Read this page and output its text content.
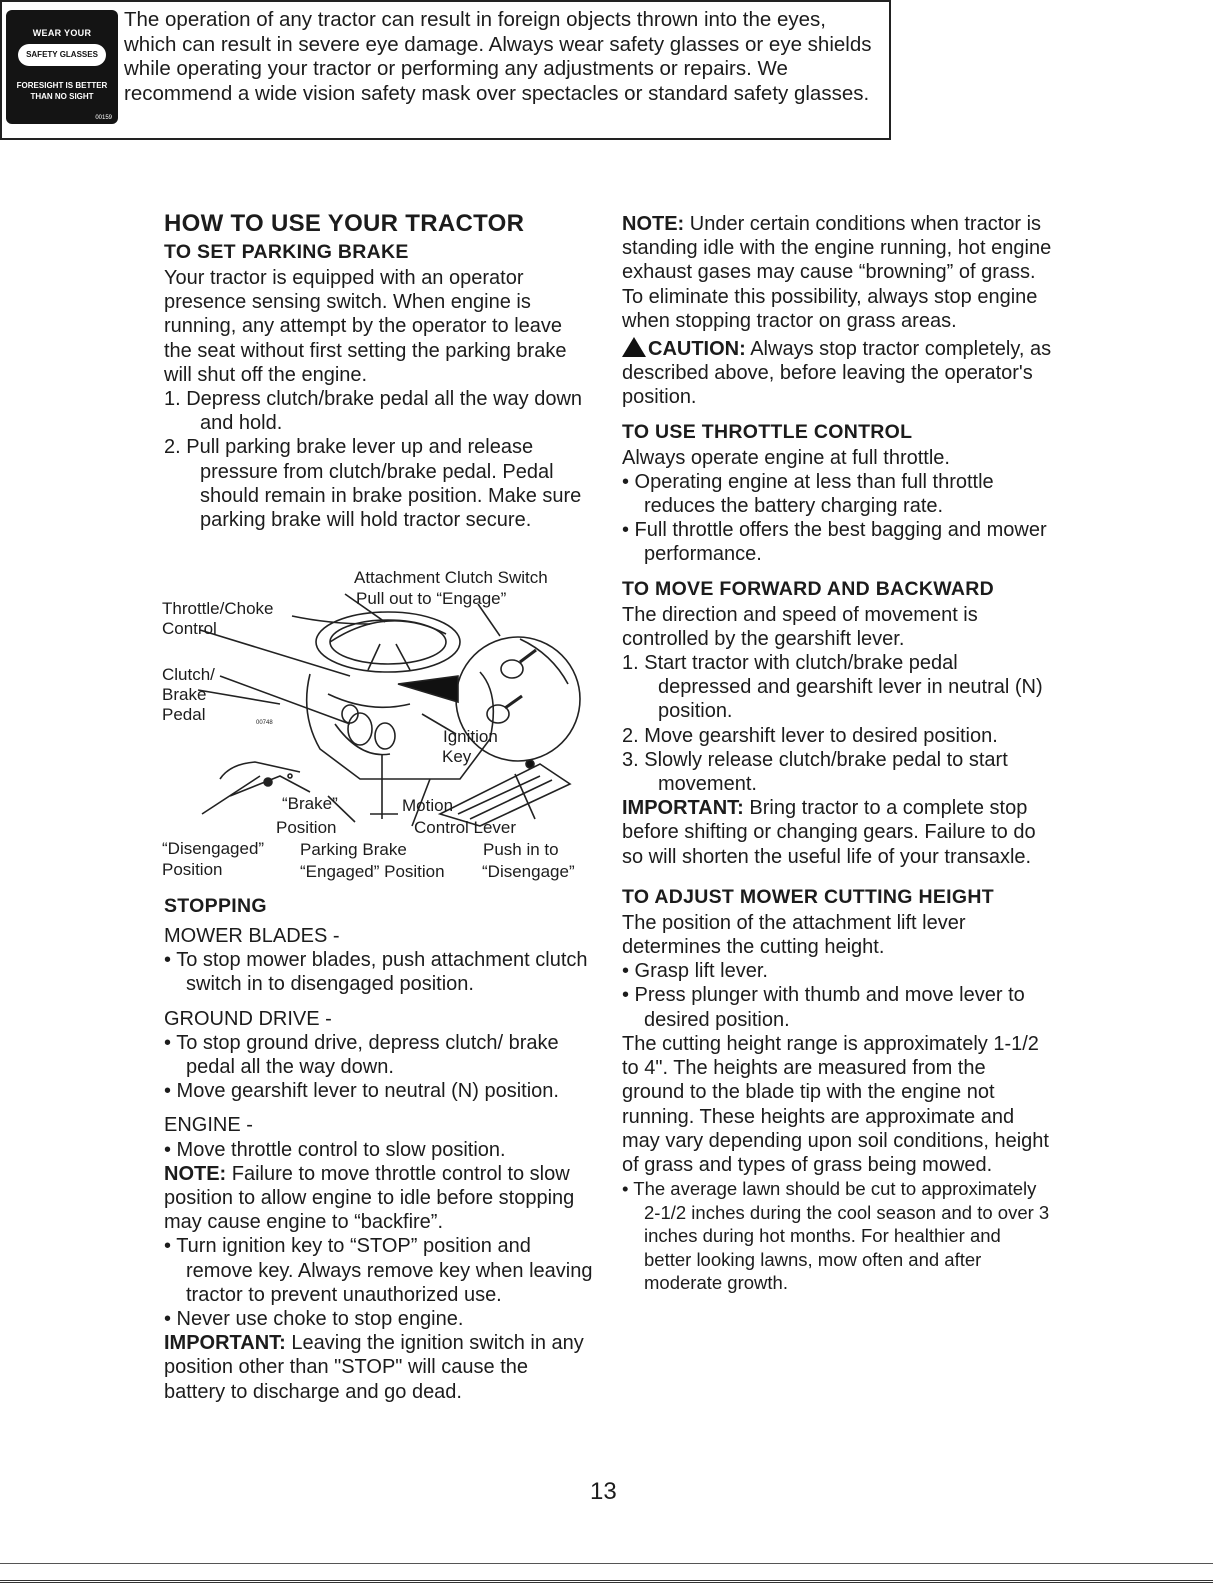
WEAR YOUR
SAFETY GLASSES
FORESIGHT IS BETTER
THAN NO SIGHT
00159
The operation of any tractor can result in foreign objects thrown into the eyes, which can result in severe eye damage. Always wear safety glasses or eye shields while operating your tractor or performing any adjustments or repairs. We recommend a wide vision safety mask over spectacles or standard safety glasses.

HOW TO USE YOUR TRACTOR

TO SET PARKING BRAKE

Your tractor is equipped with an operator presence sensing switch. When engine is running, any attempt by the operator to leave the seat without first setting the parking brake will shut off the engine.

1. Depress clutch/brake pedal all the way down and hold.

2. Pull parking brake lever up and release pressure from clutch/brake pedal. Pedal should remain in brake position. Make sure parking brake will hold tractor secure.

Attachment Clutch Switch
Pull out to “Engage”
Throttle/Choke
Control
Clutch/
Brake
Pedal
Ignition
Key
“Brake”
Position
Motion
Control Lever
“Disengaged”
Position
Parking Brake
“Engaged” Position
Push in to
“Disengage”
00748

STOPPING

MOWER BLADES -

• To stop mower blades, push attachment clutch switch in to disengaged position.

GROUND DRIVE -

• To stop ground drive, depress clutch/ brake pedal all the way down.

• Move gearshift lever to neutral (N) position.

ENGINE -

• Move throttle control to slow position.

NOTE: Failure to move throttle control to slow position to allow engine to idle before stopping may cause engine to “backfire”.

• Turn ignition key to “STOP” position and remove key. Always remove key when leaving tractor to prevent unauthorized use.

• Never use choke to stop engine.

IMPORTANT: Leaving the ignition switch in any position other than "STOP" will cause the battery to discharge and go dead.

NOTE: Under certain conditions when tractor is standing idle with the engine running, hot engine exhaust gases may cause “browning” of grass. To eliminate this possibility, always stop engine when stopping tractor on grass areas.

CAUTION: Always stop tractor completely, as described above, before leaving the operator's position.

TO USE THROTTLE CONTROL

Always operate engine at full throttle.

• Operating engine at less than full throttle reduces the battery charging rate.

• Full throttle offers the best bagging and mower performance.

TO MOVE FORWARD AND BACKWARD

The direction and speed of movement is controlled by the gearshift lever.

1. Start tractor with clutch/brake pedal depressed and gearshift lever in neutral (N) position.

2. Move gearshift lever to desired position.

3. Slowly release clutch/brake pedal to start movement.

IMPORTANT: Bring tractor to a complete stop before shifting or changing gears. Failure to do so will shorten the useful life of your transaxle.

TO ADJUST MOWER CUTTING HEIGHT

The position of the attachment lift lever determines the cutting height.

• Grasp lift lever.

• Press plunger with thumb and move lever to desired position.

The cutting height range is approximately 1-1/2 to 4". The heights are measured from the ground to the blade tip with the engine not running. These heights are approximate and may vary depending upon soil conditions, height of grass and types of grass being mowed.

• The average lawn should be cut to approximately 2-1/2 inches during the cool season and to over 3 inches during hot months. For healthier and better looking lawns, mow often and after moderate growth.

13
